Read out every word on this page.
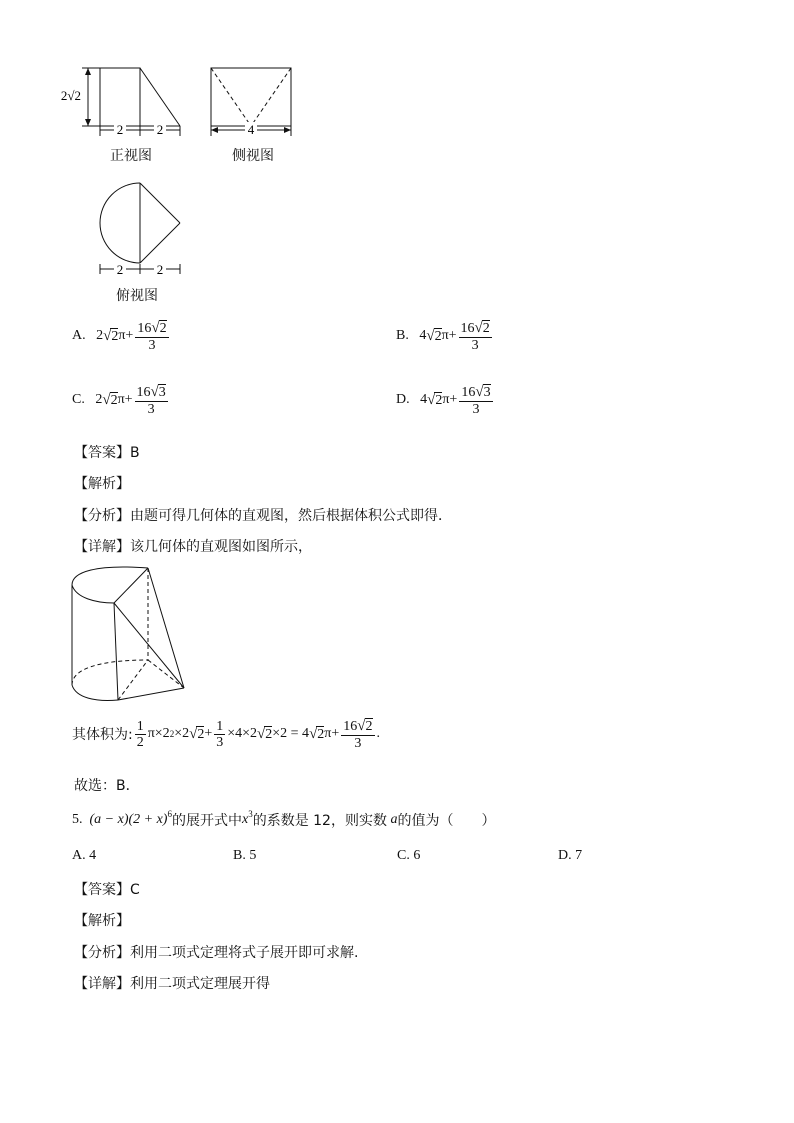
2√2
2	2
正视图
4
侧视图
2	2
俯视图
A.
2 √ 2 $\pi+ \frac{16√2}{3}$	B.
4 √ 2 $\pi+ \frac{16√2}{3}$
C.
2 √ 2 $\pi+ \frac{16√3}{3}$	D.
4 √ 2 $\pi+ \frac{16√3}{3}$
【答案】B
【解析】
【分析】由题可得几何体的直观图，然后根据体积公式即得．
【详解】该几何体的直观图如图所示，
其体积为: $\frac{1}{2} \pi\times 2$ 2 ×2 √ $2 + \frac{1}{3} \times 4\times 2$ √ 2 ×2 = 4 √ 2 $\pi+ \frac{16√2}{3}$ .
故选：B．
5.
$(a - x)(2 + x)^6$ 的展开式中 $x^3$ 的系数是 12，则实数
a 的值为（　　）
A. 4	B. 5	C. 6	D. 7
【答案】C
【解析】
【分析】利用二项式定理将式子展开即可求解.
【详解】利用二项式定理展开得
